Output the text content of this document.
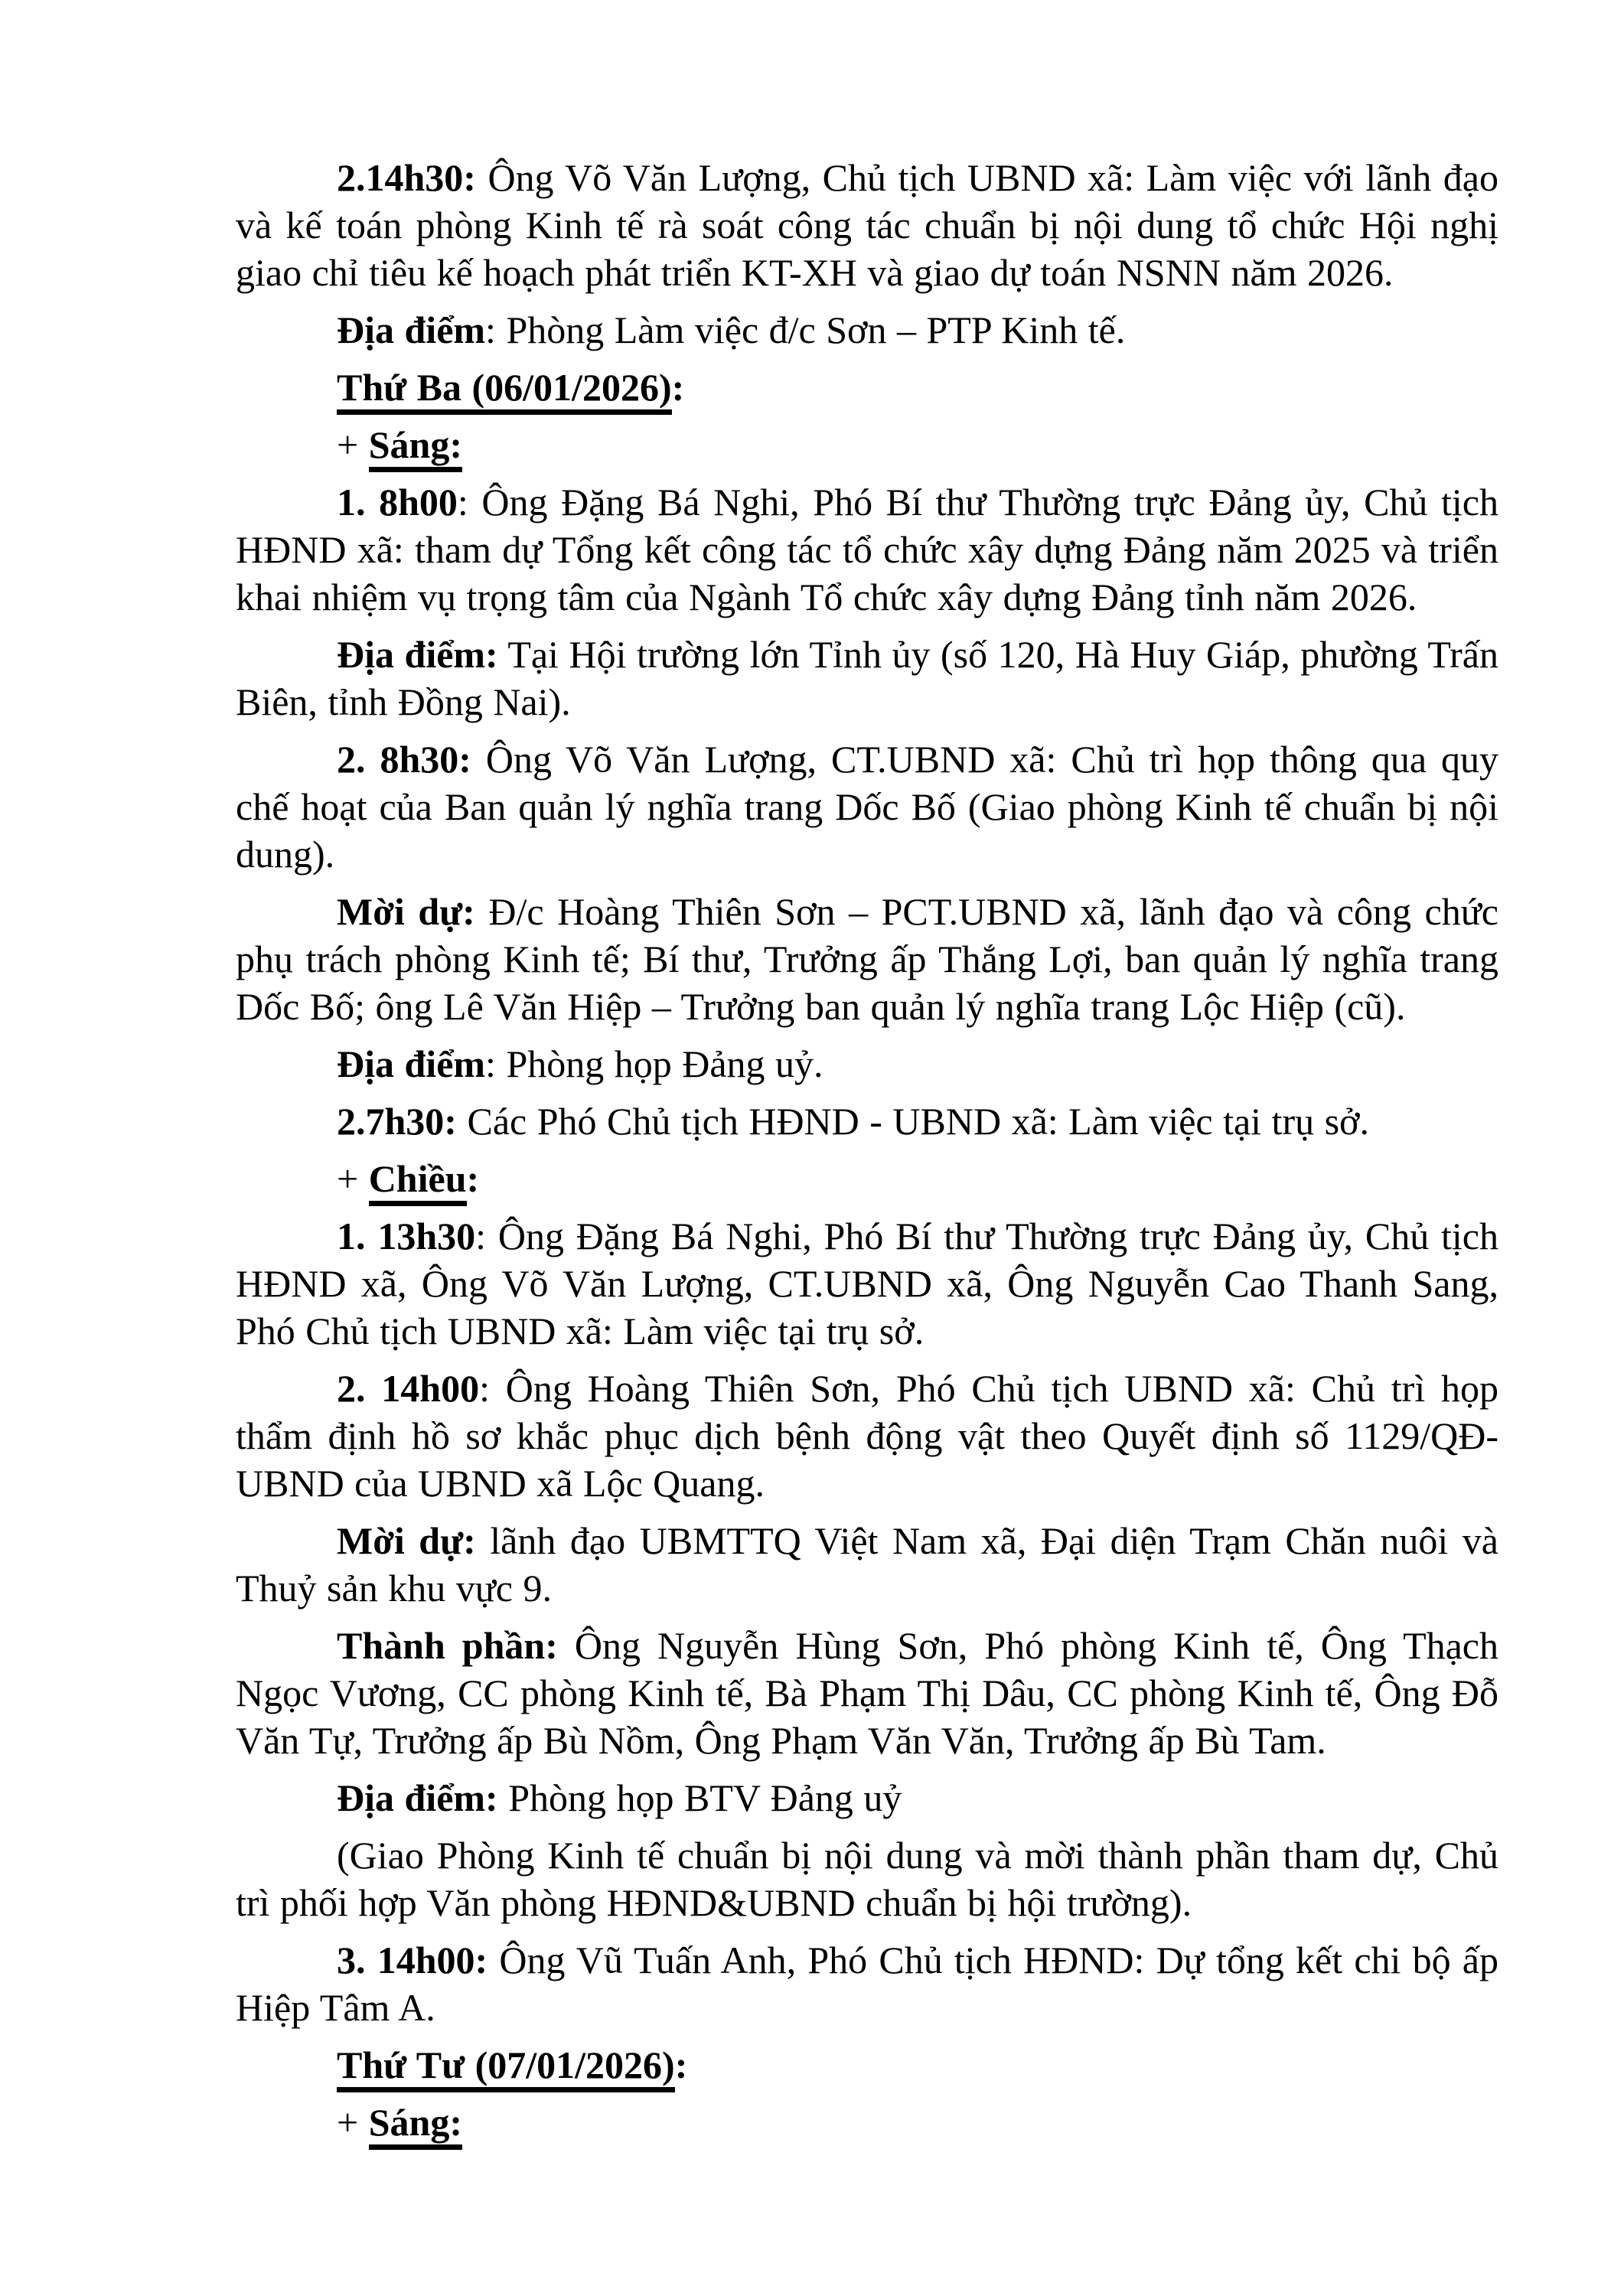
2.14h30: Ông Võ Văn Lượng, Chủ tịch UBND xã: Làm việc với lãnh đạo và kế toán phòng Kinh tế rà soát công tác chuẩn bị nội dung tổ chức Hội nghị giao chỉ tiêu kế hoạch phát triển KT-XH và giao dự toán NSNN năm 2026.

Địa điểm: Phòng Làm việc đ/c Sơn – PTP Kinh tế.

Thứ Ba (06/01/2026):

+ Sáng:

1. 8h00: Ông Đặng Bá Nghi, Phó Bí thư Thường trực Đảng ủy, Chủ tịch HĐND xã: tham dự Tổng kết công tác tổ chức xây dựng Đảng năm 2025 và triển khai nhiệm vụ trọng tâm của Ngành Tổ chức xây dựng Đảng tỉnh năm 2026.

Địa điểm: Tại Hội trường lớn Tỉnh ủy (số 120, Hà Huy Giáp, phường Trấn Biên, tỉnh Đồng Nai).

2. 8h30: Ông Võ Văn Lượng, CT.UBND xã: Chủ trì họp thông qua quy chế hoạt của Ban quản lý nghĩa trang Dốc Bố (Giao phòng Kinh tế chuẩn bị nội dung).

Mời dự: Đ/c Hoàng Thiên Sơn – PCT.UBND xã, lãnh đạo và công chức phụ trách phòng Kinh tế; Bí thư, Trưởng ấp Thắng Lợi, ban quản lý nghĩa trang Dốc Bố; ông Lê Văn Hiệp – Trưởng ban quản lý nghĩa trang Lộc Hiệp (cũ).

Địa điểm: Phòng họp Đảng uỷ.

2.7h30: Các Phó Chủ tịch HĐND - UBND xã: Làm việc tại trụ sở.

+ Chiều:

1. 13h30: Ông Đặng Bá Nghi, Phó Bí thư Thường trực Đảng ủy, Chủ tịch HĐND xã, Ông Võ Văn Lượng, CT.UBND xã, Ông Nguyễn Cao Thanh Sang, Phó Chủ tịch UBND xã: Làm việc tại trụ sở.

2. 14h00: Ông Hoàng Thiên Sơn, Phó Chủ tịch UBND xã: Chủ trì họp thẩm định hồ sơ khắc phục dịch bệnh động vật theo Quyết định số 1129/QĐ-UBND của UBND xã Lộc Quang.

Mời dự: lãnh đạo UBMTTQ Việt Nam xã, Đại diện Trạm Chăn nuôi và Thuỷ sản khu vực 9.

Thành phần: Ông Nguyễn Hùng Sơn, Phó phòng Kinh tế, Ông Thạch Ngọc Vương, CC phòng Kinh tế, Bà Phạm Thị Dâu, CC phòng Kinh tế, Ông Đỗ Văn Tự, Trưởng ấp Bù Nồm, Ông Phạm Văn Văn, Trưởng ấp Bù Tam.

Địa điểm: Phòng họp BTV Đảng uỷ

(Giao Phòng Kinh tế chuẩn bị nội dung và mời thành phần tham dự, Chủ trì phối hợp Văn phòng HĐND&UBND chuẩn bị hội trường).

3. 14h00: Ông Vũ Tuấn Anh, Phó Chủ tịch HĐND: Dự tổng kết chi bộ ấp Hiệp Tâm A.

Thứ Tư (07/01/2026):

+ Sáng:
